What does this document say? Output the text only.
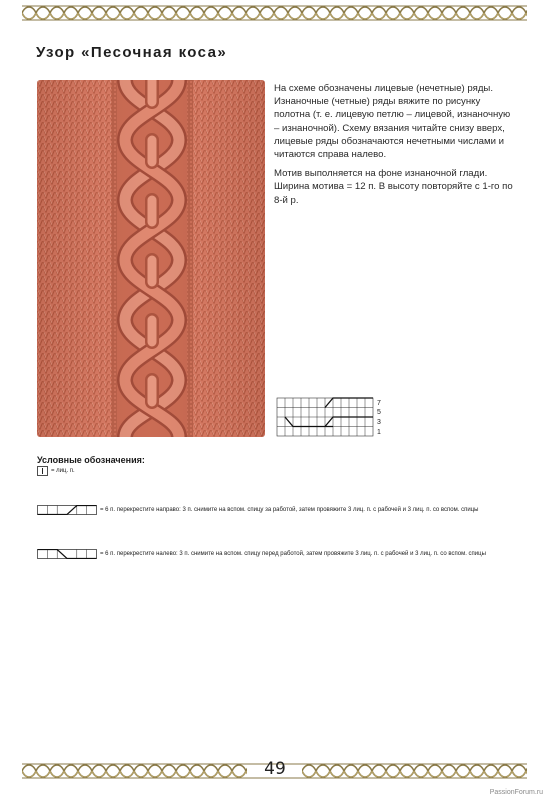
Узор «Песочная коса»

На схеме обозначены лицевые (нечетные) ряды. Изнаночные (четные) ряды вяжите по рисунку полотна (т. е. лицевую петлю – лицевой, изнаночную – изнаночной). Схему вязания читайте снизу вверх, лицевые ряды обозначаются нечетными числами и читаются справа налево.

Мотив выполняется на фоне изнаночной глади. Ширина мотива = 12 п. В высоту повторяйте с 1-го по 8-й р.

7
5
3
1
Условные обозначения:
= лиц. п.
= 6 п. перекрестите направо: 3 п. снимите на вспом. спицу за работой, затем провяжите 3 лиц. п. с рабочей и 3 лиц. п. со вспом. спицы
= 6 п. перекрестите налево: 3 п. снимите на вспом. спицу перед работой, затем провяжите 3 лиц. п. с рабочей и 3 лиц. п. со вспом. спицы
49
PassionForum.ru
